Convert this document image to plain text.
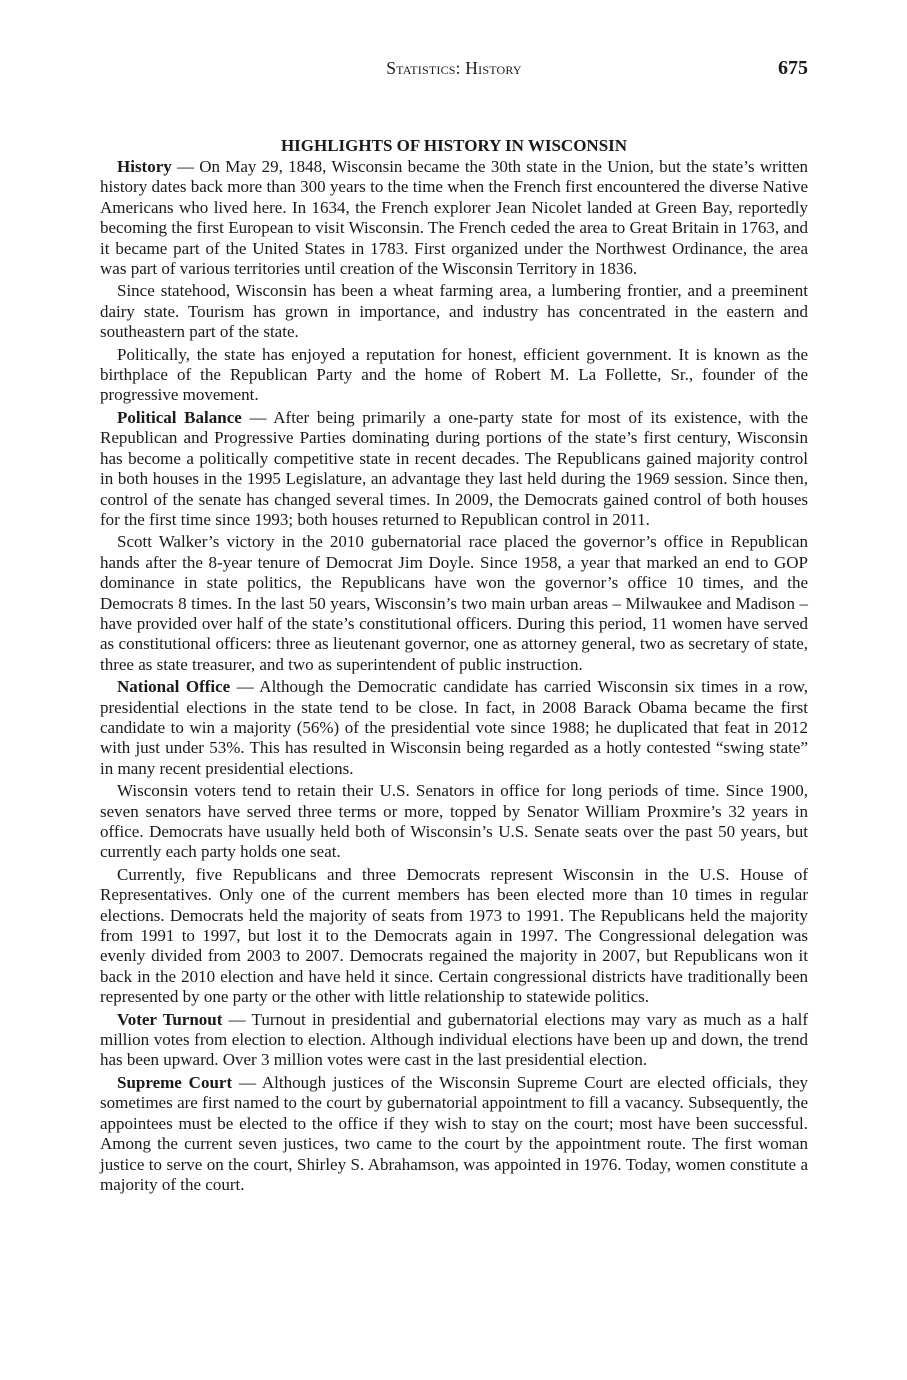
Statistics: History	675
HIGHLIGHTS OF HISTORY IN WISCONSIN

History — On May 29, 1848, Wisconsin became the 30th state in the Union, but the state’s written history dates back more than 300 years to the time when the French first encountered the diverse Native Americans who lived here. In 1634, the French explorer Jean Nicolet landed at Green Bay, reportedly becoming the first European to visit Wisconsin. The French ceded the area to Great Britain in 1763, and it became part of the United States in 1783. First organized under the Northwest Ordinance, the area was part of various territories until creation of the Wisconsin Territory in 1836.

Since statehood, Wisconsin has been a wheat farming area, a lumbering frontier, and a preeminent dairy state. Tourism has grown in importance, and industry has concentrated in the eastern and southeastern part of the state.

Politically, the state has enjoyed a reputation for honest, efficient government. It is known as the birthplace of the Republican Party and the home of Robert M. La Follette, Sr., founder of the progressive movement.

Political Balance — After being primarily a one-party state for most of its existence, with the Republican and Progressive Parties dominating during portions of the state’s first century, Wisconsin has become a politically competitive state in recent decades. The Republicans gained majority control in both houses in the 1995 Legislature, an advantage they last held during the 1969 session. Since then, control of the senate has changed several times. In 2009, the Democrats gained control of both houses for the first time since 1993; both houses returned to Republican control in 2011.

Scott Walker’s victory in the 2010 gubernatorial race placed the governor’s office in Republican hands after the 8-year tenure of Democrat Jim Doyle. Since 1958, a year that marked an end to GOP dominance in state politics, the Republicans have won the governor’s office 10 times, and the Democrats 8 times. In the last 50 years, Wisconsin’s two main urban areas – Milwaukee and Madison – have provided over half of the state’s constitutional officers. During this period, 11 women have served as constitutional officers: three as lieutenant governor, one as attorney general, two as secretary of state, three as state treasurer, and two as superintendent of public instruction.

National Office — Although the Democratic candidate has carried Wisconsin six times in a row, presidential elections in the state tend to be close. In fact, in 2008 Barack Obama became the first candidate to win a majority (56%) of the presidential vote since 1988; he duplicated that feat in 2012 with just under 53%. This has resulted in Wisconsin being regarded as a hotly contested “swing state” in many recent presidential elections.

Wisconsin voters tend to retain their U.S. Senators in office for long periods of time. Since 1900, seven senators have served three terms or more, topped by Senator William Proxmire’s 32 years in office. Democrats have usually held both of Wisconsin’s U.S. Senate seats over the past 50 years, but currently each party holds one seat.

Currently, five Republicans and three Democrats represent Wisconsin in the U.S. House of Representatives. Only one of the current members has been elected more than 10 times in regular elections. Democrats held the majority of seats from 1973 to 1991. The Republicans held the majority from 1991 to 1997, but lost it to the Democrats again in 1997. The Congressional delegation was evenly divided from 2003 to 2007. Democrats regained the majority in 2007, but Republicans won it back in the 2010 election and have held it since. Certain congressional districts have traditionally been represented by one party or the other with little relationship to statewide politics.

Voter Turnout — Turnout in presidential and gubernatorial elections may vary as much as a half million votes from election to election. Although individual elections have been up and down, the trend has been upward. Over 3 million votes were cast in the last presidential election.

Supreme Court — Although justices of the Wisconsin Supreme Court are elected officials, they sometimes are first named to the court by gubernatorial appointment to fill a vacancy. Subsequently, the appointees must be elected to the office if they wish to stay on the court; most have been successful. Among the current seven justices, two came to the court by the appointment route. The first woman justice to serve on the court, Shirley S. Abrahamson, was appointed in 1976. Today, women constitute a majority of the court.
